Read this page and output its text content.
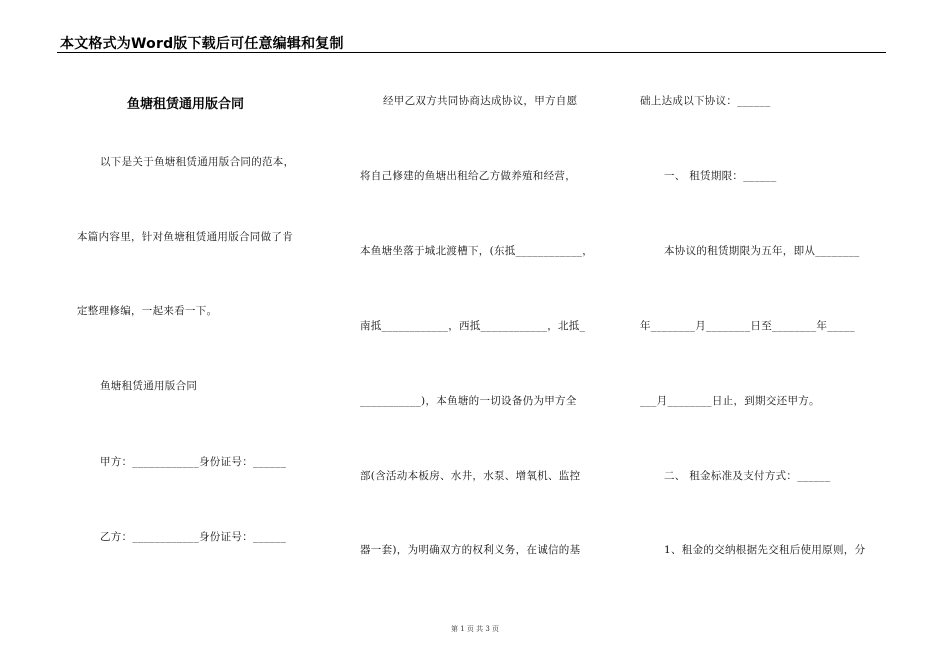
本文格式为Word版下载后可任意编辑和复制
鱼塘租赁通用版合同
以下是关于鱼塘租赁通用版合同的范本，
本篇内容里，针对鱼塘租赁通用版合同做了肯
定整理修编，一起来看一下。
鱼塘租赁通用版合同
甲方：____________身份证号：______
乙方：____________身份证号：______
经甲乙双方共同协商达成协议，甲方自愿
将自己修建的鱼塘出租给乙方做养殖和经营，
本鱼塘坐落于城北渡槽下，(东抵____________，
南抵____________，西抵____________，北抵_
___________)，本鱼塘的一切设备仍为甲方全
部(含活动本板房、水井，水泵、增氧机、监控
器一套)，为明确双方的权利义务，在诚信的基
础上达成以下协议：______
一、 租赁期限：______
本协议的租赁期限为五年，即从________
年________月________日至________年_____
___月________日止，到期交还甲方。
二、 租金标准及支付方式：______
1、租金的交纳根据先交租后使用原则，分
第 1 页 共 3 页
